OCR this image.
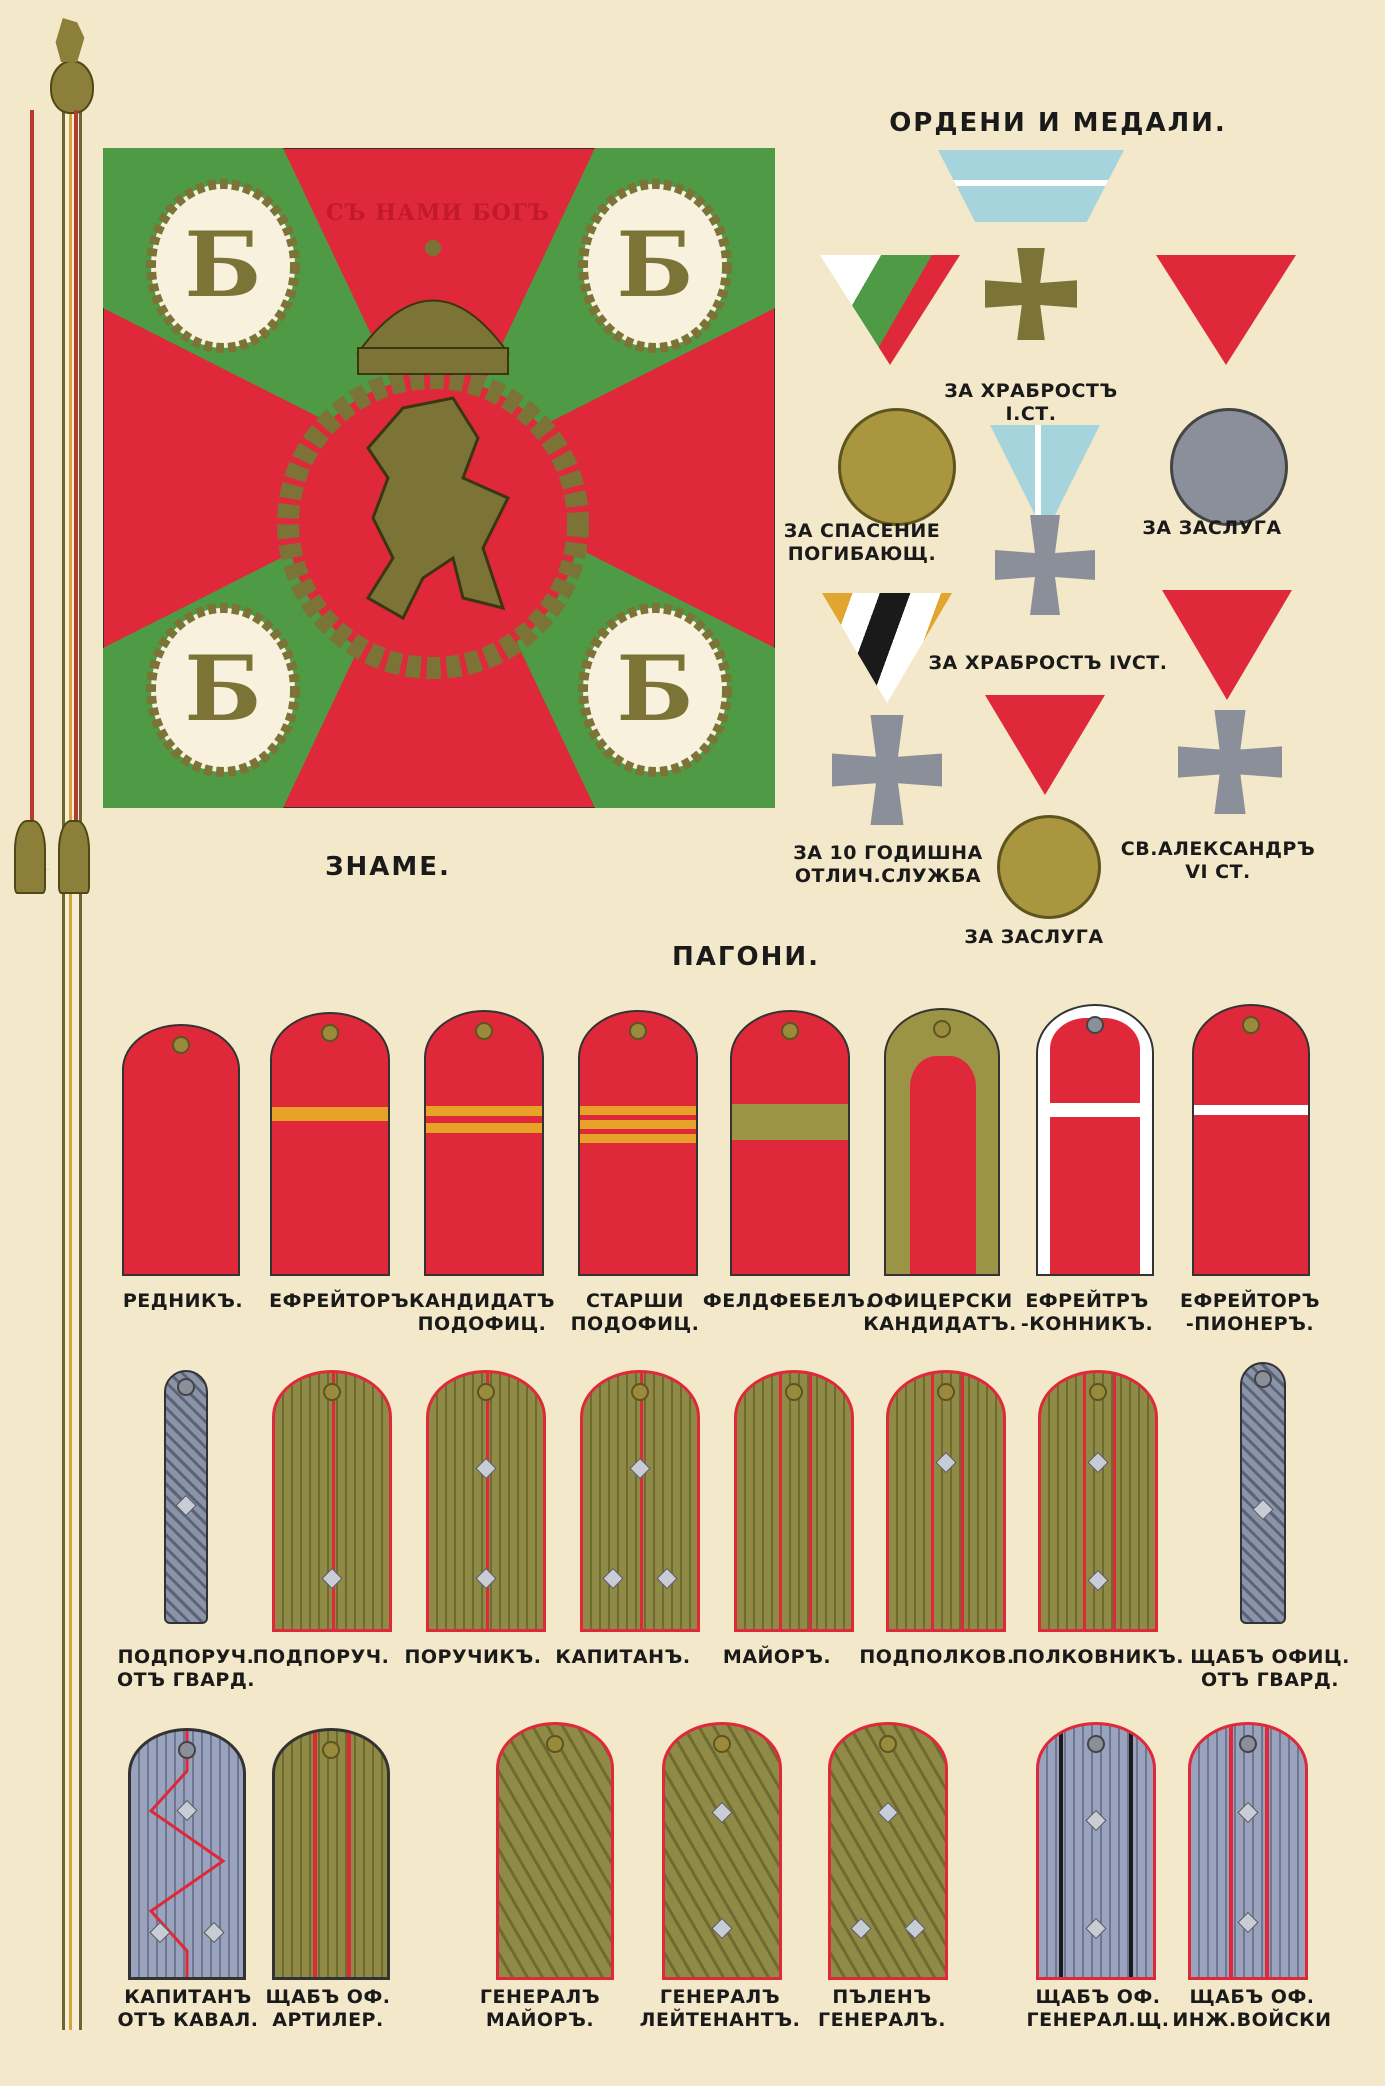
Б	Б
Б	Б
СЪ НАМИ БОГЪ
ЗНАМЕ.
ОРДЕНИ И МЕДАЛИ.
ЗА ХРАБРОСТЪ
I.СТ.
ЗА СПАСЕНИЕ
ПОГИБАЮЩ.
ЗА ЗАСЛУГА
ЗА ХРАБРОСТЪ IVСТ.
ЗА 10 ГОДИШНА
ОТЛИЧ.СЛУЖБА
СВ.АЛЕКСАНДРЪ
VI СТ.
ЗА ЗАСЛУГА
ПАГОНИ.
РЕДНИКЪ. ЕФРЕЙТОРЪ.
КАНДИДАТЪ
ПОДОФИЦ.
СТАРШИ
ПОДОФИЦ.
ФЕЛДФЕБЕЛЪ.
ОФИЦЕРСКИ
КАНДИДАТЪ.
ЕФРЕЙТРЪ
-КОННИКЪ.
ЕФРЕЙТОРЪ
-ПИОНЕРЪ.
ПОДПОРУЧ.
ОТЪ ГВАРД.
ПОДПОРУЧ. ПОРУЧИКЪ. КАПИТАНЪ. МАЙОРЪ. ПОДПОЛКОВ.
ПОЛКОВНИКЪ. ЩАБЪ ОФИЦ.
ОТЪ ГВАРД.
КАПИТАНЪ
ОТЪ КАВАЛ.
ЩАБЪ ОФ.
АРТИЛЕР.
ГЕНЕРАЛЪ
МАЙОРЪ.
ГЕНЕРАЛЪ
ЛЕЙТЕНАНТЪ.
ПЪЛЕНЪ
ГЕНЕРАЛЪ.
ЩАБЪ ОФ.
ГЕНЕРАЛ.Щ.
ЩАБЪ ОФ.
ИНЖ.ВОЙСКИ
